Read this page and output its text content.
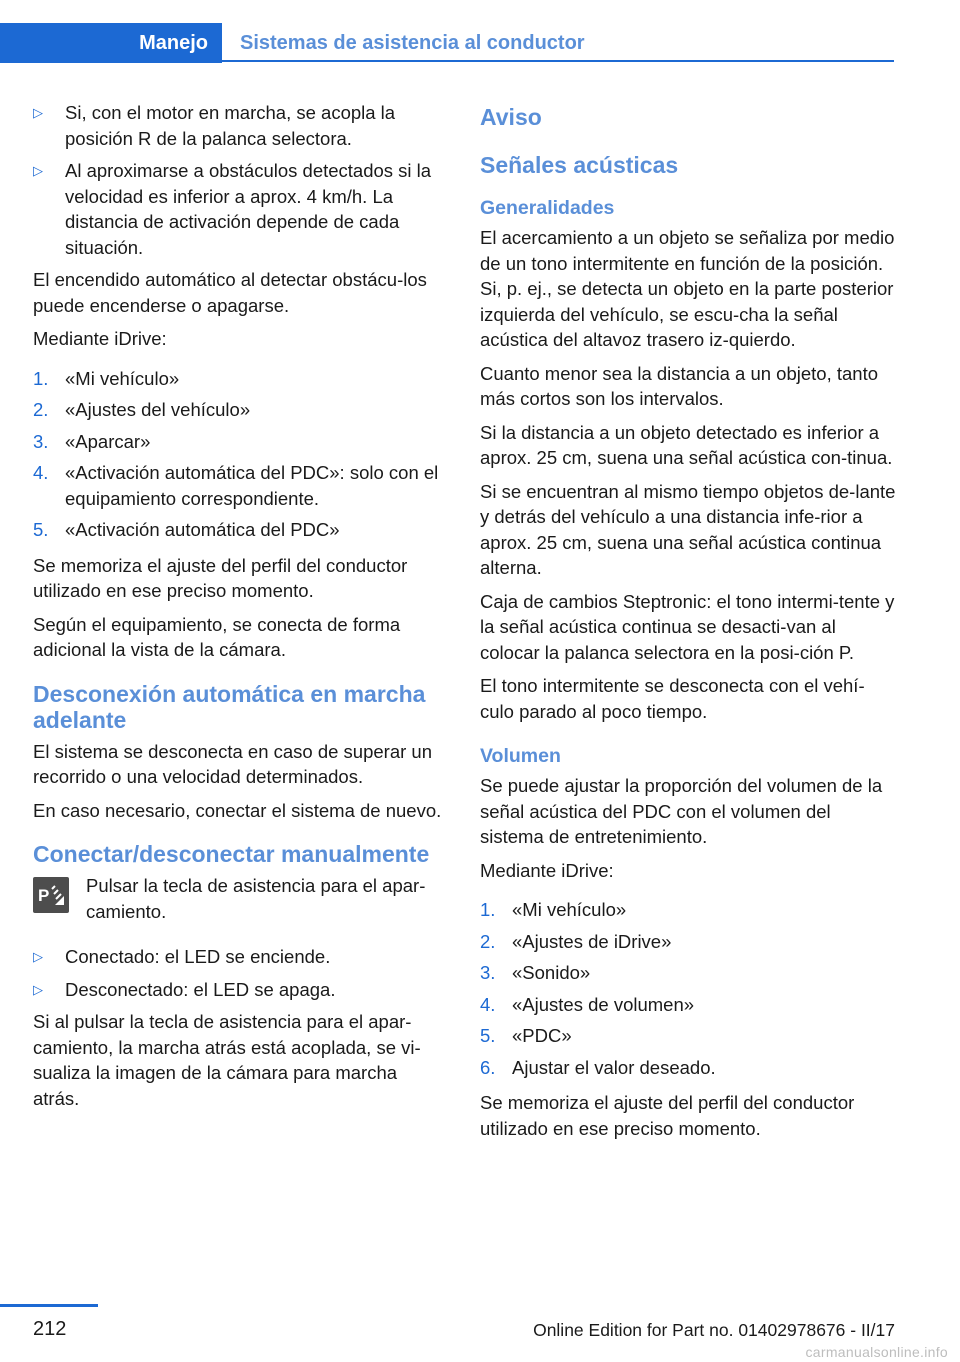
Manejo	Sistemas de asistencia al conductor
▷	Si, con el motor en marcha, se acopla la posición R de la palanca selectora.
▷	Al aproximarse a obstáculos detectados si la velocidad es inferior a aprox. 4 km/h. La distancia de activación depende de cada situación.

El encendido automático al detectar obstácu‐los puede encenderse o apagarse.

Mediante iDrive:

1. «Mi vehículo»
2. «Ajustes del vehículo»
3. «Aparcar»
4. «Activación automática del PDC»: solo con el equipamiento correspondiente.
5. «Activación automática del PDC»

Se memoriza el ajuste del perfil del conductor utilizado en ese preciso momento.

Según el equipamiento, se conecta de forma adicional la vista de la cámara.

Desconexión automática en marcha adelante

El sistema se desconecta en caso de superar un recorrido o una velocidad determinados.

En caso necesario, conectar el sistema de nuevo.

Conectar/desconectar manualmente
P Pulsar la tecla de asistencia para el apar‐camiento.
▷	Conectado: el LED se enciende.
▷	Desconectado: el LED se apaga.

Si al pulsar la tecla de asistencia para el apar‐camiento, la marcha atrás está acoplada, se vi‐sualiza la imagen de la cámara para marcha atrás.

Aviso
Señales acústicas
Generalidades

El acercamiento a un objeto se señaliza por medio de un tono intermitente en función de la posición. Si, p. ej., se detecta un objeto en la parte posterior izquierda del vehículo, se escu‐cha la señal acústica del altavoz trasero iz‐quierdo.

Cuanto menor sea la distancia a un objeto, tanto más cortos son los intervalos.

Si la distancia a un objeto detectado es inferior a aprox. 25 cm, suena una señal acústica con‐tinua.

Si se encuentran al mismo tiempo objetos de‐lante y detrás del vehículo a una distancia infe‐rior a aprox. 25 cm, suena una señal acústica continua alterna.

Caja de cambios Steptronic: el tono intermi‐tente y la señal acústica continua se desacti‐van al colocar la palanca selectora en la posi‐ción P.

El tono intermitente se desconecta con el vehí‐culo parado al poco tiempo.

Volumen

Se puede ajustar la proporción del volumen de la señal acústica del PDC con el volumen del sistema de entretenimiento.

Mediante iDrive:

1. «Mi vehículo»
2. «Ajustes de iDrive»
3. «Sonido»
4. «Ajustes de volumen»
5. «PDC»
6. Ajustar el valor deseado.

Se memoriza el ajuste del perfil del conductor utilizado en ese preciso momento.

212	Online Edition for Part no. 01402978676 - II/17
carmanualsonline.info
